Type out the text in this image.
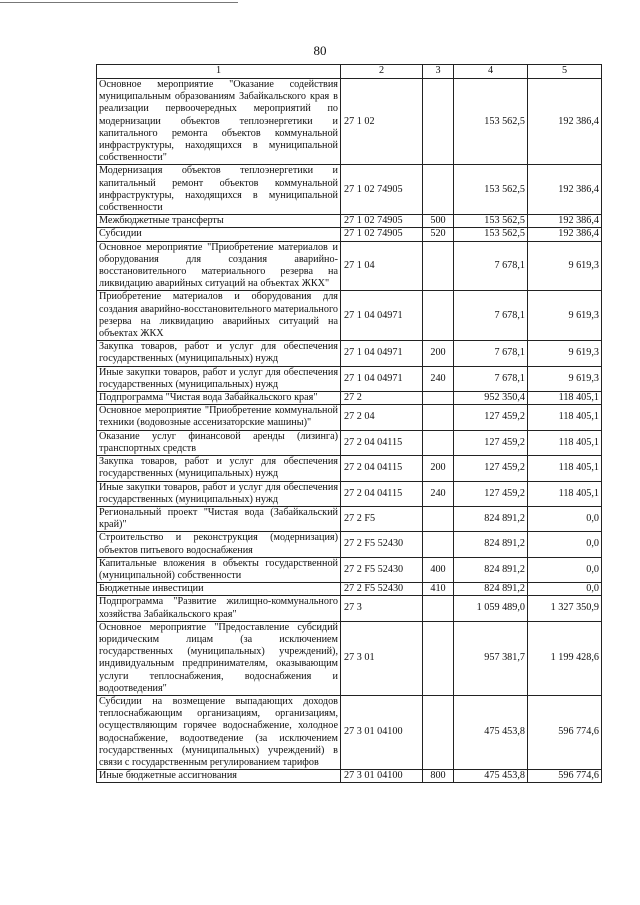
80
1	2	3	4	5
Основное мероприятие "Оказание содействия муниципальным образованиям Забайкальского края в реализации первоочередных мероприятий по модернизации объектов теплоэнергетики и капитального ремонта объектов коммунальной инфраструктуры, находящихся в муниципальной собственности"	27 1 02		153 562,5	192 386,4
Модернизация объектов теплоэнергетики и капитальный ремонт объектов коммунальной инфраструктуры, находящихся в муниципальной собственности	27 1 02 74905		153 562,5	192 386,4
Межбюджетные трансферты	27 1 02 74905	500	153 562,5	192 386,4
Субсидии	27 1 02 74905	520	153 562,5	192 386,4
Основное мероприятие "Приобретение материалов и оборудования для создания аварийно-восстановительного материального резерва на ликвидацию аварийных ситуаций на объектах ЖКХ"	27 1 04		7 678,1	9 619,3
Приобретение материалов и оборудования для создания аварийно-восстановительного материального резерва на ликвидацию аварийных ситуаций на объектах ЖКХ	27 1 04 04971		7 678,1	9 619,3
Закупка товаров, работ и услуг для обеспечения государственных (муниципальных) нужд	27 1 04 04971	200	7 678,1	9 619,3
Иные закупки товаров, работ и услуг для обеспечения государственных (муниципальных) нужд	27 1 04 04971	240	7 678,1	9 619,3
Подпрограмма "Чистая вода Забайкальского края"	27 2		952 350,4	118 405,1
Основное мероприятие "Приобретение коммунальной техники (водовозные ассенизаторские машины)"	27 2 04		127 459,2	118 405,1
Оказание услуг финансовой аренды (лизинга) транспортных средств	27 2 04 04115		127 459,2	118 405,1
Закупка товаров, работ и услуг для обеспечения государственных (муниципальных) нужд	27 2 04 04115	200	127 459,2	118 405,1
Иные закупки товаров, работ и услуг для обеспечения государственных (муниципальных) нужд	27 2 04 04115	240	127 459,2	118 405,1
Региональный проект "Чистая вода (Забайкальский край)"	27 2 F5		824 891,2	0,0
Строительство и реконструкция (модернизация) объектов питьевого водоснабжения	27 2 F5 52430		824 891,2	0,0
Капитальные вложения в объекты государственной (муниципальной) собственности	27 2 F5 52430	400	824 891,2	0,0
Бюджетные инвестиции	27 2 F5 52430	410	824 891,2	0,0
Подпрограмма "Развитие жилищно-коммунального хозяйства Забайкальского края"	27 3		1 059 489,0	1 327 350,9
Основное мероприятие "Предоставление субсидий юридическим лицам (за исключением государственных (муниципальных) учреждений), индивидуальным предпринимателям, оказывающим услуги теплоснабжения, водоснабжения и водоотведения"	27 3 01		957 381,7	1 199 428,6
Субсидии на возмещение выпадающих доходов теплоснабжающим организациям, организациям, осуществляющим горячее водоснабжение, холодное водоснабжение, водоотведение (за исключением государственных (муниципальных) учреждений) в связи с государственным регулированием тарифов	27 3 01 04100		475 453,8	596 774,6
Иные бюджетные ассигнования	27 3 01 04100	800	475 453,8	596 774,6
